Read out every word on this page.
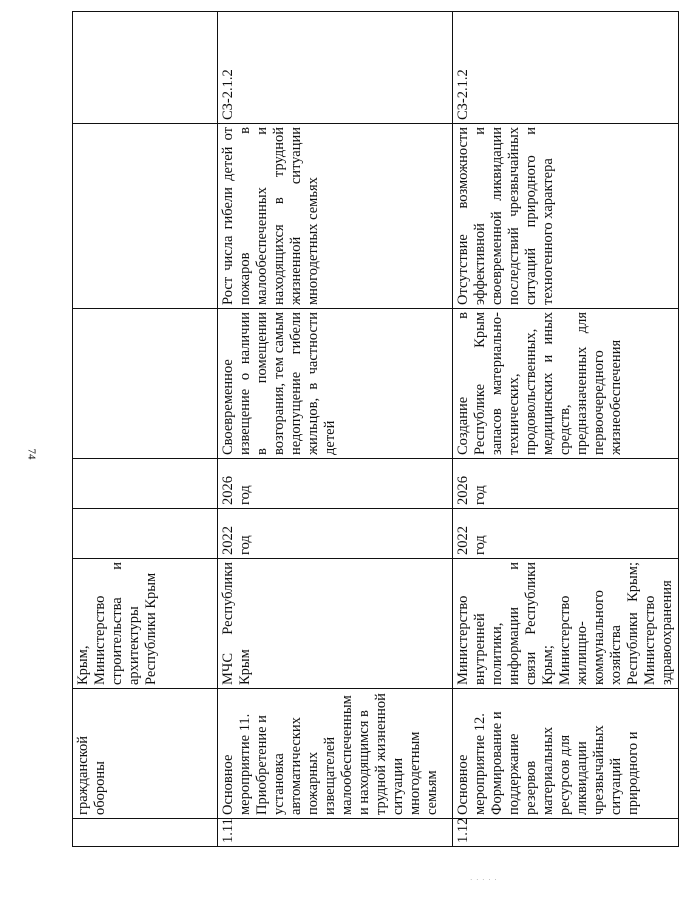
74
	гражданской обороны	Крым, Министерство строительства и архитектуры Республики Крым					
1.11	Основное мероприятие 11. Приобретение и установка автоматических пожарных извещателей малообеспеченным и находящимся в трудной жизненной ситуации многодетным семьям	МЧС Республики Крым	2022 год	2026 год	Своевременное извещение о наличии в помещении возгорания, тем самым недопущение гибели жильцов, в частности детей	Рост числа гибели детей от пожаров в малообеспеченных и находящихся в трудной жизненной ситуации многодетных семьях	СЗ-2.1.2
1.12	Основное мероприятие 12. Формирование и поддержание резервов материальных ресурсов для ликвидации чрезвычайных ситуаций природного и	Министерство внутренней политики, информации и связи Республики Крым; Министерство жилищно-коммунального хозяйства Республики Крым; Министерство здравоохранения	2022 год	2026 год	Создание в Республике Крым запасов материально-технических, продовольственных, медицинских и иных средств, предназначенных для первоочередного жизнеобеспечения	Отсутствие возможности эффективной и своевременной ликвидации последствий чрезвычайных ситуаций природного и техногенного характера	СЗ-2.1.2
· · · · ·
